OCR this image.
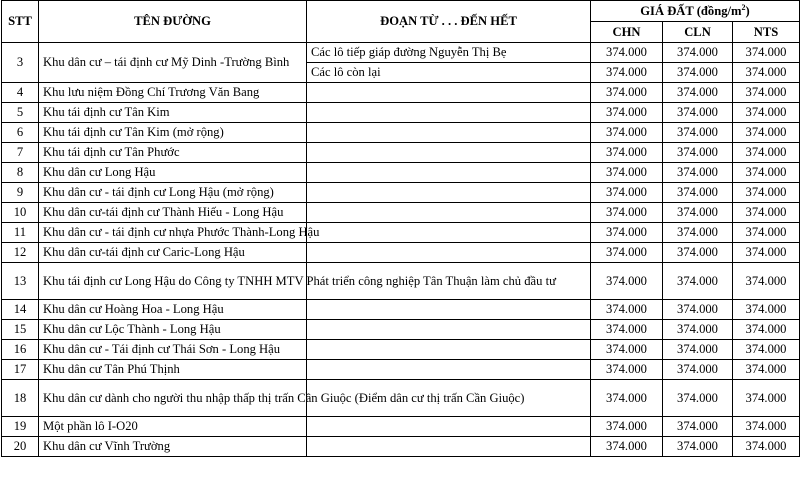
STT	TÊN ĐƯỜNG	ĐOẠN TỪ . . . ĐẾN HẾT	GIÁ ĐẤT $(đồng/m^2)$		
			CHN	CLN	NTS
3	Khu dân cư – tái định cư Mỹ Dinh -Trường Bình	Các lô tiếp giáp đường Nguyễn Thị Bẹ	374.000	374.000	374.000
		Các lô còn lại	374.000	374.000	374.000
4	Khu lưu niệm Đồng Chí Trương Văn Bang		374.000	374.000	374.000
5	Khu tái định cư Tân Kim		374.000	374.000	374.000
6	Khu tái định cư Tân Kim (mở rộng)		374.000	374.000	374.000
7	Khu tái định cư Tân Phước		374.000	374.000	374.000
8	Khu dân cư Long Hậu		374.000	374.000	374.000
9	Khu dân cư - tái định cư Long Hậu (mở rộng)		374.000	374.000	374.000
10	Khu dân cư-tái định cư Thành Hiếu - Long Hậu		374.000	374.000	374.000
11	Khu dân cư - tái định cư nhựa Phước Thành-Long Hậu		374.000	374.000	374.000
12	Khu dân cư-tái định cư Caric-Long Hậu		374.000	374.000	374.000
13	Khu tái định cư Long Hậu do Công ty TNHH MTV Phát triển công nghiệp Tân Thuận làm chủ đầu tư		374.000	374.000	374.000
14	Khu dân cư Hoàng Hoa - Long Hậu		374.000	374.000	374.000
15	Khu dân cư Lộc Thành - Long Hậu		374.000	374.000	374.000
16	Khu dân cư - Tái định cư Thái Sơn - Long Hậu		374.000	374.000	374.000
17	Khu dân cư Tân Phú Thịnh		374.000	374.000	374.000
18	Khu dân cư dành cho người thu nhập thấp thị trấn Cần Giuộc (Điểm dân cư thị trấn Cần Giuộc)		374.000	374.000	374.000
19	Một phần lô I-O20		374.000	374.000	374.000
20	Khu dân cư Vĩnh Trường		374.000	374.000	374.000
